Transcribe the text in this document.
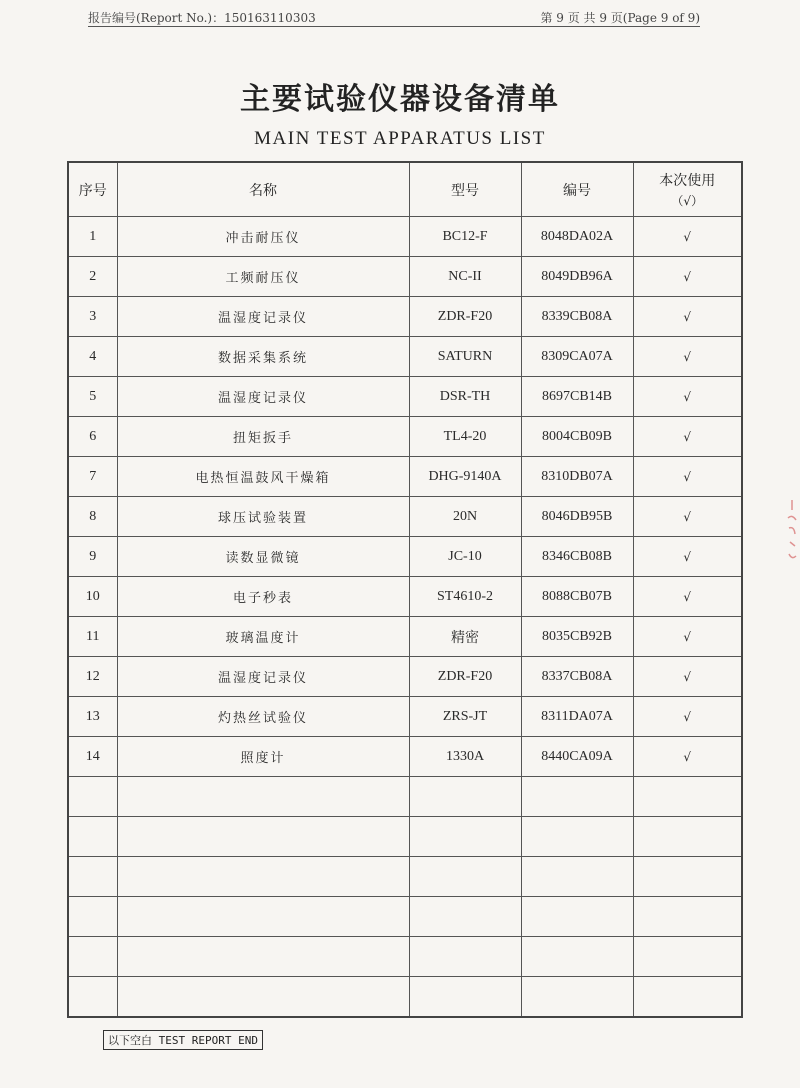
报告编号(Report No.)：150163110303	第 9 页 共 9 页(Page 9 of 9)
主要试验仪器设备清单
MAIN TEST APPARATUS LIST
序号	名称	型号	编号	本次使用
（√）

1	冲击耐压仪	BC12-F	8048DA02A	√
2	工频耐压仪	NC-II	8049DB96A	√
3	温湿度记录仪	ZDR-F20	8339CB08A	√
4	数据采集系统	SATURN	8309CA07A	√
5	温湿度记录仪	DSR-TH	8697CB14B	√
6	扭矩扳手	TL4-20	8004CB09B	√
7	电热恒温鼓风干燥箱	DHG-9140A	8310DB07A	√
8	球压试验装置	20N	8046DB95B	√
9	读数显微镜	JC-10	8346CB08B	√
10	电子秒表	ST4610-2	8088CB07B	√
11	玻璃温度计	精密	8035CB92B	√
12	温湿度记录仪	ZDR-F20	8337CB08A	√
13	灼热丝试验仪	ZRS-JT	8311DA07A	√
14	照度计	1330A	8440CA09A	√

以下空白 TEST REPORT END
